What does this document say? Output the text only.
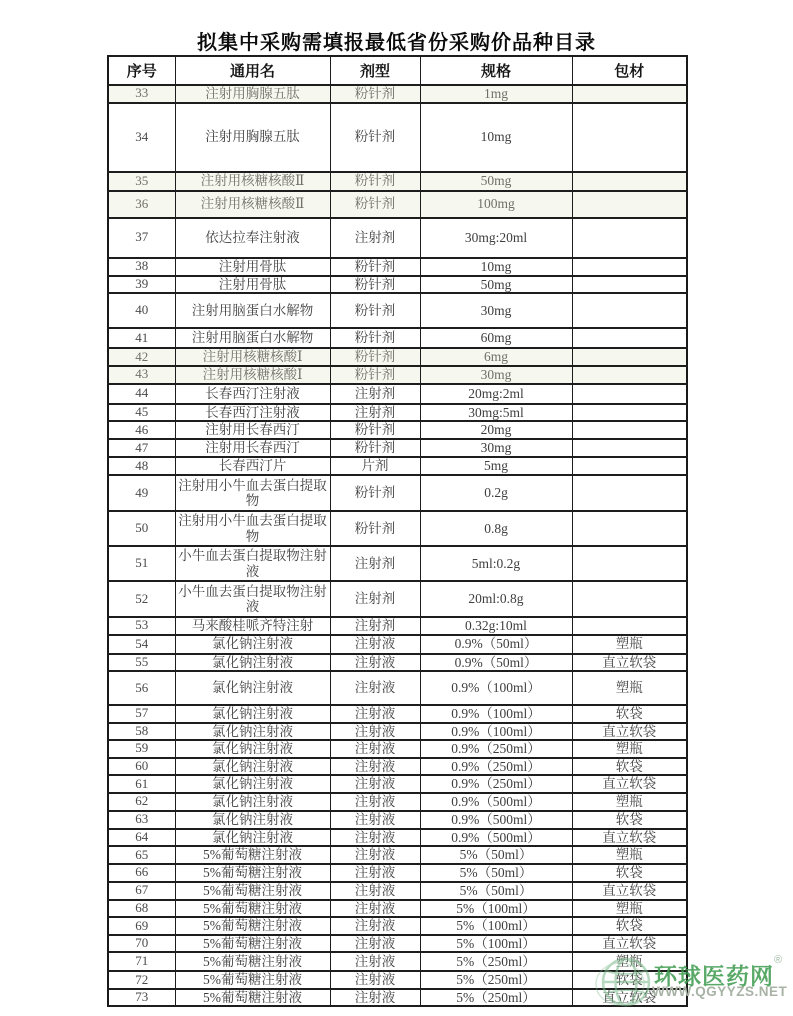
拟集中采购需填报最低省份采购价品种目录
序号	通用名	剂型	规格	包材
33	注射用胸腺五肽	粉针剂	1mg	
34	注射用胸腺五肽	粉针剂	10mg	
35	注射用核糖核酸Ⅱ	粉针剂	50mg	
36	注射用核糖核酸Ⅱ	粉针剂	100mg	
37	依达拉奉注射液	注射剂	30mg:20ml	
38	注射用骨肽	粉针剂	10mg	
39	注射用骨肽	粉针剂	50mg	
40	注射用脑蛋白水解物	粉针剂	30mg	
41	注射用脑蛋白水解物	粉针剂	60mg	
42	注射用核糖核酸Ⅰ	粉针剂	6mg	
43	注射用核糖核酸Ⅰ	粉针剂	30mg	
44	长春西汀注射液	注射剂	20mg:2ml	
45	长春西汀注射液	注射剂	30mg:5ml	
46	注射用长春西汀	粉针剂	20mg	
47	注射用长春西汀	粉针剂	30mg	
48	长春西汀片	片剂	5mg	
49	注射用小牛血去蛋白提取物	粉针剂	0.2g	
50	注射用小牛血去蛋白提取物	粉针剂	0.8g	
51	小牛血去蛋白提取物注射液	注射剂	5ml:0.2g	
52	小牛血去蛋白提取物注射液	注射剂	20ml:0.8g	
53	马来酸桂哌齐特注射	注射剂	0.32g:10ml	
54	氯化钠注射液	注射液	0.9%（50ml）	塑瓶
55	氯化钠注射液	注射液	0.9%（50ml）	直立软袋
56	氯化钠注射液	注射液	0.9%（100ml）	塑瓶
57	氯化钠注射液	注射液	0.9%（100ml）	软袋
58	氯化钠注射液	注射液	0.9%（100ml）	直立软袋
59	氯化钠注射液	注射液	0.9%（250ml）	塑瓶
60	氯化钠注射液	注射液	0.9%（250ml）	软袋
61	氯化钠注射液	注射液	0.9%（250ml）	直立软袋
62	氯化钠注射液	注射液	0.9%（500ml）	塑瓶
63	氯化钠注射液	注射液	0.9%（500ml）	软袋
64	氯化钠注射液	注射液	0.9%（500ml）	直立软袋
65	5%葡萄糖注射液	注射液	5%（50ml）	塑瓶
66	5%葡萄糖注射液	注射液	5%（50ml）	软袋
67	5%葡萄糖注射液	注射液	5%（50ml）	直立软袋
68	5%葡萄糖注射液	注射液	5%（100ml）	塑瓶
69	5%葡萄糖注射液	注射液	5%（100ml）	软袋
70	5%葡萄糖注射液	注射液	5%（100ml）	直立软袋
71	5%葡萄糖注射液	注射液	5%（250ml）	塑瓶
72	5%葡萄糖注射液	注射液	5%（250ml）	软袋
73	5%葡萄糖注射液	注射液	5%（250ml）	直立软袋
环球医药网®
WWW.QGYYZS.NET
